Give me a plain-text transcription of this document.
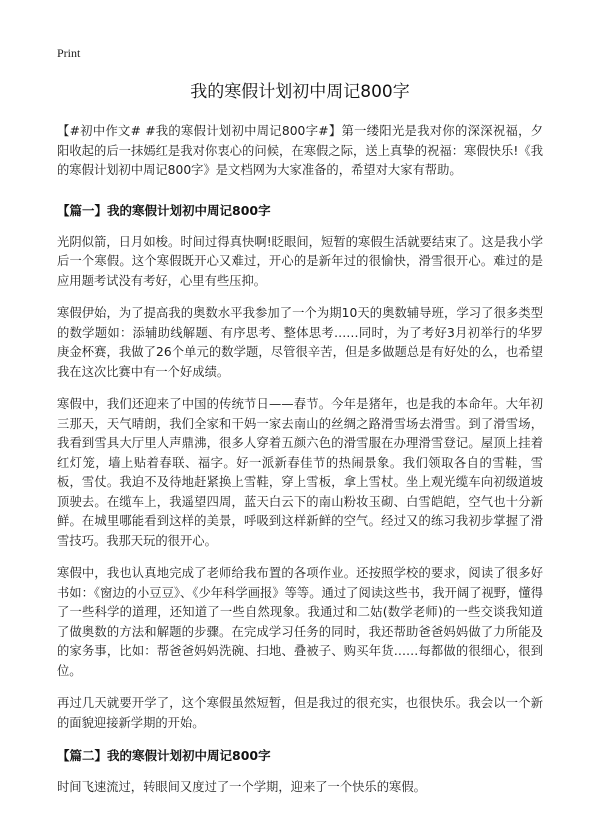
Print
我的寒假计划初中周记800字

【#初中作文# #我的寒假计划初中周记800字#】第一缕阳光是我对你的深深祝福，夕阳收起的后一抹嫣红是我对你衷心的问候，在寒假之际，送上真挚的祝福：寒假快乐!《我的寒假计划初中周记800字》是文档网为大家准备的，希望对大家有帮助。

【篇一】我的寒假计划初中周记800字

光阴似箭，日月如梭。时间过得真快啊!眨眼间，短暂的寒假生活就要结束了。这是我小学后一个寒假。这个寒假既开心又难过，开心的是新年过的很愉快，滑雪很开心。难过的是应用题考试没有考好，心里有些压抑。

寒假伊始，为了提高我的奥数水平我参加了一个为期10天的奥数辅导班，学习了很多类型的数学题如：添辅助线解题、有序思考、整体思考……同时，为了考好3月初举行的华罗庚金杯赛，我做了26个单元的数学题，尽管很辛苦，但是多做题总是有好处的么，也希望我在这次比赛中有一个好成绩。

寒假中，我们还迎来了中国的传统节日——春节。今年是猪年，也是我的本命年。大年初三那天，天气晴朗，我们全家和干妈一家去南山的丝绸之路滑雪场去滑雪。到了滑雪场，我看到雪具大厅里人声鼎沸，很多人穿着五颜六色的滑雪服在办理滑雪登记。屋顶上挂着红灯笼，墙上贴着春联、福字。好一派新春佳节的热闹景象。我们领取各自的雪鞋，雪板，雪仗。我迫不及待地赶紧换上雪鞋，穿上雪板，拿上雪杖。坐上观光缆车向初级道坡顶驶去。在缆车上，我遥望四周，蓝天白云下的南山粉妆玉砌、白雪皑皑，空气也十分新鲜。在城里哪能看到这样的美景，呼吸到这样新鲜的空气。经过又的练习我初步掌握了滑雪技巧。我那天玩的很开心。

寒假中，我也认真地完成了老师给我布置的各项作业。还按照学校的要求，阅读了很多好书如：《窗边的小豆豆》、《少年科学画报》等等。通过了阅读这些书，我开阔了视野，懂得了一些科学的道理，还知道了一些自然现象。我通过和二姑(数学老师)的一些交谈我知道了做奥数的方法和解题的步骤。在完成学习任务的同时，我还帮助爸爸妈妈做了力所能及的家务事，比如：帮爸爸妈妈洗碗、扫地、叠被子、购买年货……每都做的很细心，很到位。

再过几天就要开学了，这个寒假虽然短暂，但是我过的很充实，也很快乐。我会以一个新的面貌迎接新学期的开始。

【篇二】我的寒假计划初中周记800字

时间飞速流过，转眼间又度过了一个学期，迎来了一个快乐的寒假。
